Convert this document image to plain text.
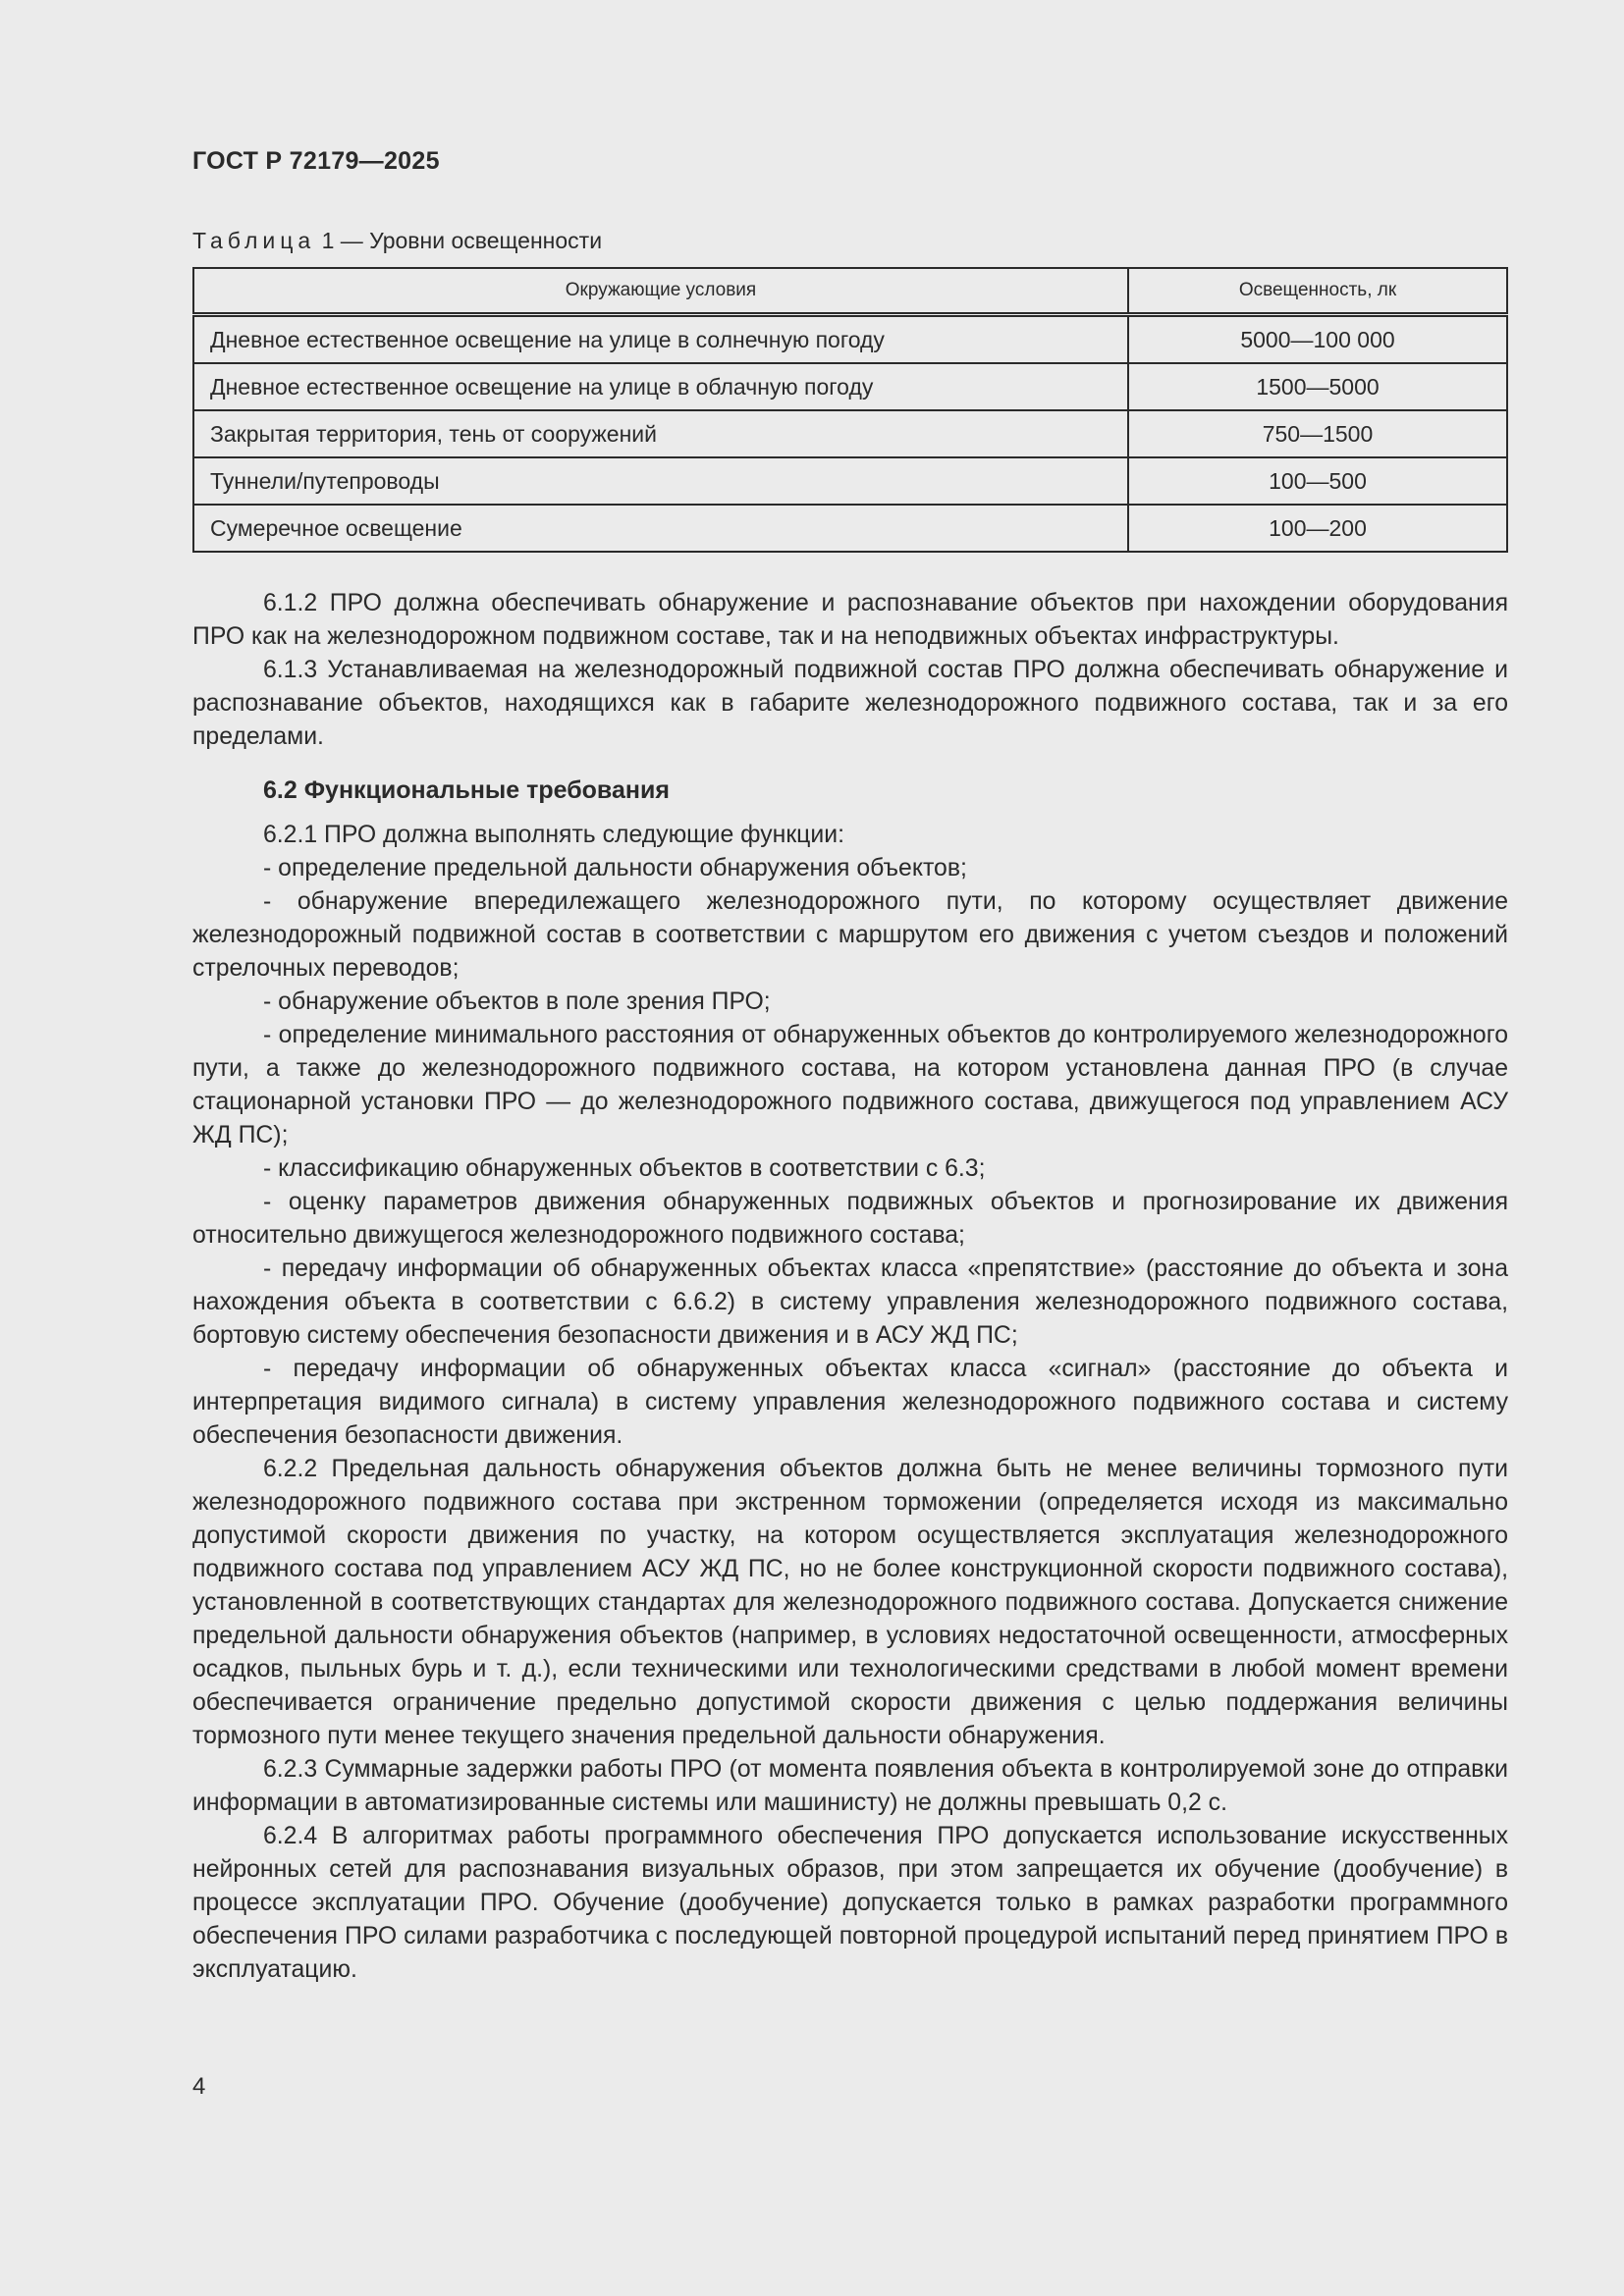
ГОСТ Р 72179—2025
Таблица 1 — Уровни освещенности
Окружающие условия	Освещенность, лк
Дневное естественное освещение на улице в солнечную погоду	5000—100 000
Дневное естественное освещение на улице в облачную погоду	1500—5000
Закрытая территория, тень от сооружений	750—1500
Туннели/путепроводы	100—500
Сумеречное освещение	100—200

6.1.2 ПРО должна обеспечивать обнаружение и распознавание объектов при нахождении оборудования ПРО как на железнодорожном подвижном составе, так и на неподвижных объектах инфраструктуры.

6.1.3 Устанавливаемая на железнодорожный подвижной состав ПРО должна обеспечивать обнаружение и распознавание объектов, находящихся как в габарите железнодорожного подвижного состава, так и за его пределами.

6.2 Функциональные требования

6.2.1 ПРО должна выполнять следующие функции:

- определение предельной дальности обнаружения объектов;

- обнаружение впередилежащего железнодорожного пути, по которому осуществляет движение железнодорожный подвижной состав в соответствии с маршрутом его движения с учетом съездов и положений стрелочных переводов;

- обнаружение объектов в поле зрения ПРО;

- определение минимального расстояния от обнаруженных объектов до контролируемого железнодорожного пути, а также до железнодорожного подвижного состава, на котором установлена данная ПРО (в случае стационарной установки ПРО — до железнодорожного подвижного состава, движущегося под управлением АСУ ЖД ПС);

- классификацию обнаруженных объектов в соответствии с 6.3;

- оценку параметров движения обнаруженных подвижных объектов и прогнозирование их движения относительно движущегося железнодорожного подвижного состава;

- передачу информации об обнаруженных объектах класса «препятствие» (расстояние до объекта и зона нахождения объекта в соответствии с 6.6.2) в систему управления железнодорожного подвижного состава, бортовую систему обеспечения безопасности движения и в АСУ ЖД ПС;

- передачу информации об обнаруженных объектах класса «сигнал» (расстояние до объекта и интерпретация видимого сигнала) в систему управления железнодорожного подвижного состава и систему обеспечения безопасности движения.

6.2.2 Предельная дальность обнаружения объектов должна быть не менее величины тормозного пути железнодорожного подвижного состава при экстренном торможении (определяется исходя из максимально допустимой скорости движения по участку, на котором осуществляется эксплуатация железнодорожного подвижного состава под управлением АСУ ЖД ПС, но не более конструкционной скорости подвижного состава), установленной в соответствующих стандартах для железнодорожного подвижного состава. Допускается снижение предельной дальности обнаружения объектов (например, в условиях недостаточной освещенности, атмосферных осадков, пыльных бурь и т. д.), если техническими или технологическими средствами в любой момент времени обеспечивается ограничение предельно допустимой скорости движения с целью поддержания величины тормозного пути менее текущего значения предельной дальности обнаружения.

6.2.3 Суммарные задержки работы ПРО (от момента появления объекта в контролируемой зоне до отправки информации в автоматизированные системы или машинисту) не должны превышать 0,2 с.

6.2.4 В алгоритмах работы программного обеспечения ПРО допускается использование искусственных нейронных сетей для распознавания визуальных образов, при этом запрещается их обучение (дообучение) в процессе эксплуатации ПРО. Обучение (дообучение) допускается только в рамках разработки программного обеспечения ПРО силами разработчика с последующей повторной процедурой испытаний перед принятием ПРО в эксплуатацию.

4
